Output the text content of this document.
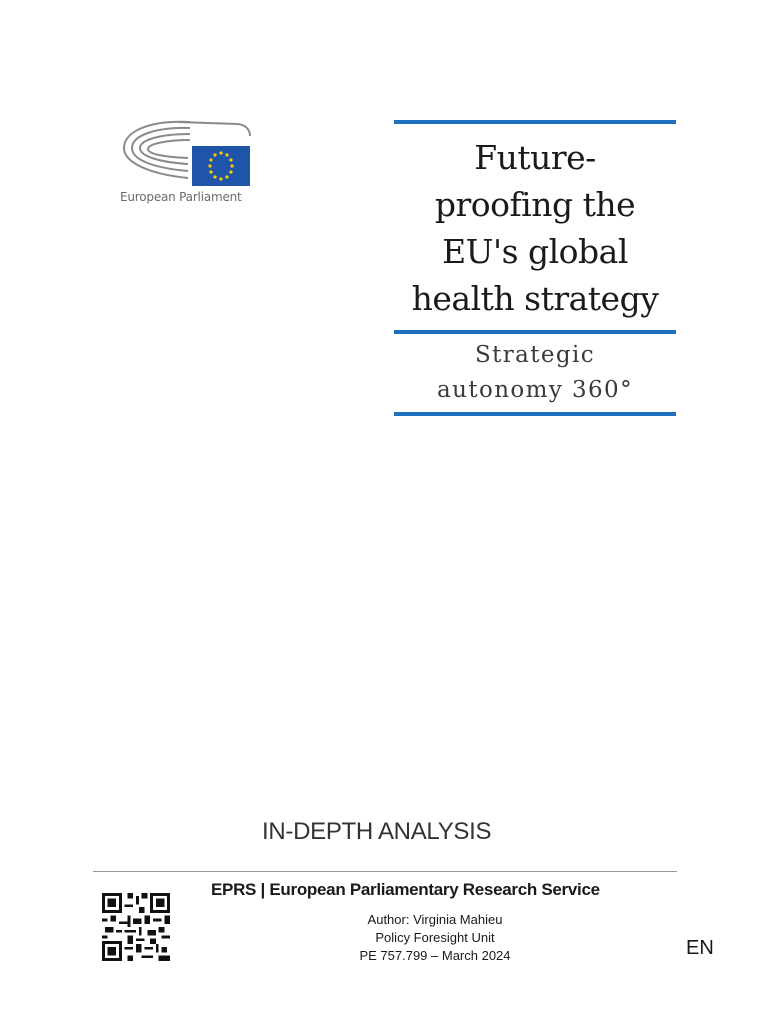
European Parliament
Future-
proofing the
EU's global
health strategy
Strategic
autonomy 360°
IN-DEPTH ANALYSIS
EPRS | European Parliamentary Research Service
Author: Virginia Mahieu
Policy Foresight Unit
PE 757.799 – March 2024	EN
